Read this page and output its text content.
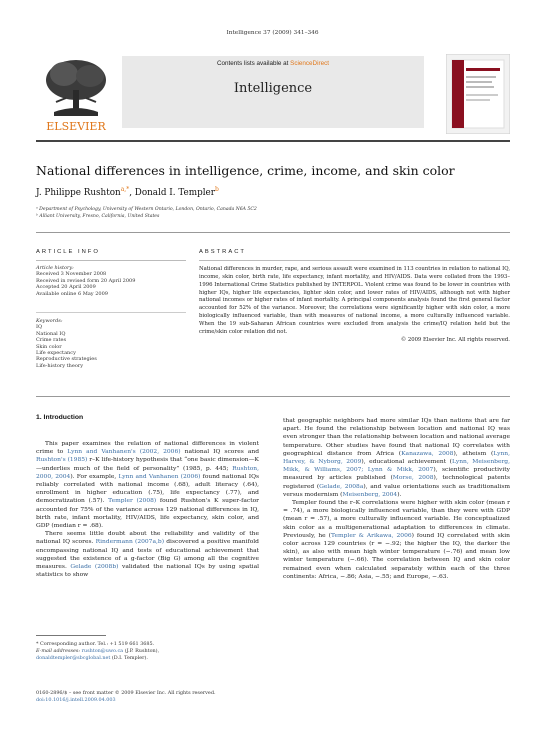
Intelligence 37 (2009) 341–346
ELSEVIER
Contents lists available at ScienceDirect
Intelligence
National differences in intelligence, crime, income, and skin color
J. Philippe Rushton$^{a,*}$, Donald I. Templer$^b$
ᵃ Department of Psychology, University of Western Ontario, London, Ontario, Canada N6A 5C2
ᵇ Alliant University, Fresno, California, United States
ARTICLE INFO	ABSTRACT
Article history:
Received 3 November 2008
Received in revised form 20 April 2009
Accepted 20 April 2009
Available online 6 May 2009
Keywords:
IQ
National IQ
Crime rates
Skin color
Life expectancy
Reproductive strategies
Life-history theory
National differences in murder, rape, and serious assault were examined in 113 countries in relation to national IQ, income, skin color, birth rate, life expectancy, infant mortality, and HIV/AIDS. Data were collated from the 1993–1996 International Crime Statistics published by INTERPOL. Violent crime was found to be lower in countries with higher IQs, higher life expectancies, lighter skin color, and lower rates of HIV/AIDS, although not with higher national incomes or higher rates of infant mortality. A principal components analysis found the first general factor accounted for 52% of the variance. Moreover, the correlations were significantly higher with skin color, a more biologically influenced variable, than with measures of national income, a more culturally influenced variable. When the 19 sub-Saharan African countries were excluded from analysis the crime/IQ relation held but the crime/skin color relation did not.
© 2009 Elsevier Inc. All rights reserved.
1. Introduction

This paper examines the relation of national differences in violent crime to Lynn and Vanhanen's (2002, 2006) national IQ scores and Rushton's (1985) r–K life-history hypothesis that “one basic dimension—K—underlies much of the field of personality” (1985, p. 445; Rushton, 2000, 2004). For example, Lynn and Vanhanen (2006) found national IQs reliably correlated with national income (.68), adult literacy (.64), enrollment in higher education (.75), life expectancy (.77), and democratization (.57). Templer (2008) found Rushton's K super-factor accounted for 75% of the variance across 129 national differences in IQ, birth rate, infant mortality, HIV/AIDS, life expectancy, skin color, and GDP (median r = .68).

There seems little doubt about the reliability and validity of the national IQ scores. Rindermann (2007a,b) discovered a positive manifold encompassing national IQ and tests of educational achievement that suggested the existence of a g-factor (Big G) among all the cognitive measures. Gelade (2008b) validated the national IQs by using spatial statistics to show

that geographic neighbors had more similar IQs than nations that are far apart. He found the relationship between location and national IQ was even stronger than the relationship between location and national average temperature. Other studies have found that national IQ correlates with geographical distance from Africa (Kanazawa, 2008), atheism (Lynn, Harvey, & Nyborg, 2009), educational achievement (Lynn, Meisenberg, Mikk, & Williams, 2007; Lynn & Mikk, 2007), scientific productivity measured by articles published (Morse, 2008), technological patents registered (Gelade, 2008a), and value orientations such as traditionalism versus modernism (Meisenberg, 2004).

Templer found the r–K correlations were higher with skin color (mean r = .74), a more biologically influenced variable, than they were with GDP (mean r = .57), a more culturally influenced variable. He conceptualized skin color as a multigenerational adaptation to differences in climate. Previously, he (Templer & Arikawa, 2006) found IQ correlated with skin color across 129 countries (r = −.92; the higher the IQ, the darker the skin), as also with mean high winter temperature (−.76) and mean low winter temperature (−.66). The correlation between IQ and skin color remained even when calculated separately within each of the three continents: Africa, −.86; Asia, −.55; and Europe, −.63.

* Corresponding author. Tel.: +1 519 661 3685.
E-mail addresses: rushton@uwo.ca (J.P. Rushton),
donaldtempler@sbcglobal.net (D.I. Templer).
0160-2896/$ – see front matter © 2009 Elsevier Inc. All rights reserved.
doi:10.1016/j.intell.2009.04.003
